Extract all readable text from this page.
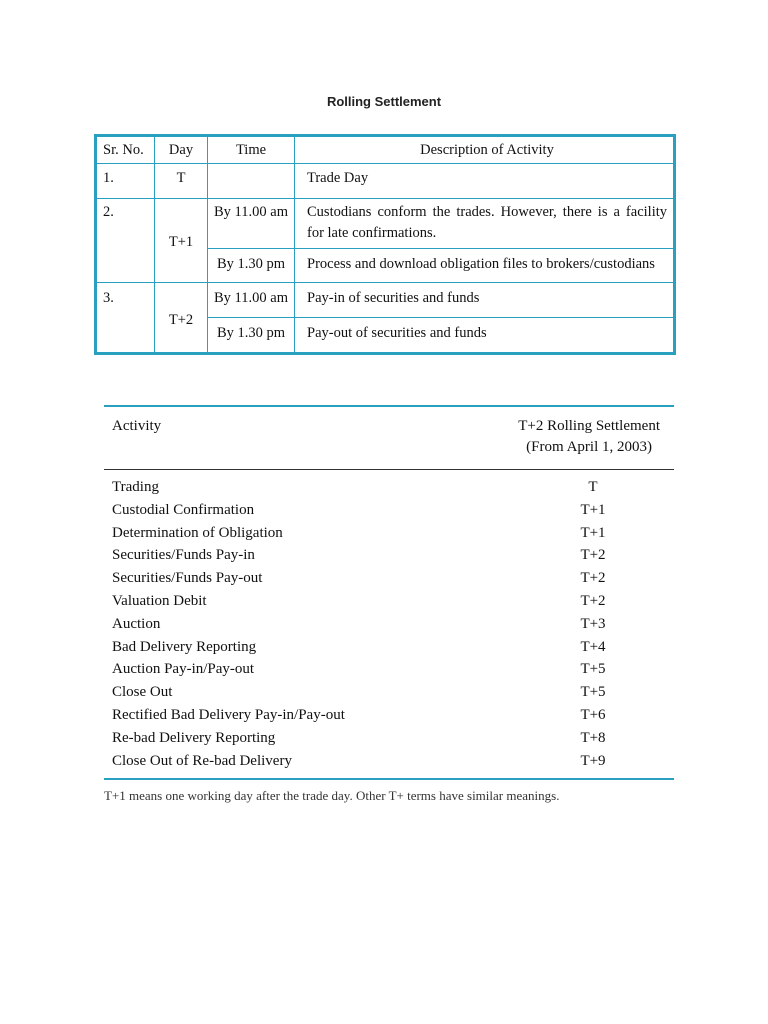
Rolling Settlement
Sr. No.	Day	Time	Description of Activity
1.	T		Trade Day
2.	T+1	By 11.00 am	Custodians conform the trades. However, there is a facility for late confirmations.
		By 1.30 pm	Process and download obligation files to brokers/custodians
3.	T+2	By 11.00 am	Pay-in of securities and funds
		By 1.30 pm	Pay-out of securities and funds
Activity	T+2 Rolling Settlement
(From April 1, 2003)
Trading	T
Custodial Confirmation	T+1
Determination of Obligation	T+1
Securities/Funds Pay-in	T+2
Securities/Funds Pay-out	T+2
Valuation Debit	T+2
Auction	T+3
Bad Delivery Reporting	T+4
Auction Pay-in/Pay-out	T+5
Close Out	T+5
Rectified Bad Delivery Pay-in/Pay-out	T+6
Re-bad Delivery Reporting	T+8
Close Out of Re-bad Delivery	T+9
T+1 means one working day after the trade day. Other T+ terms have similar meanings.
